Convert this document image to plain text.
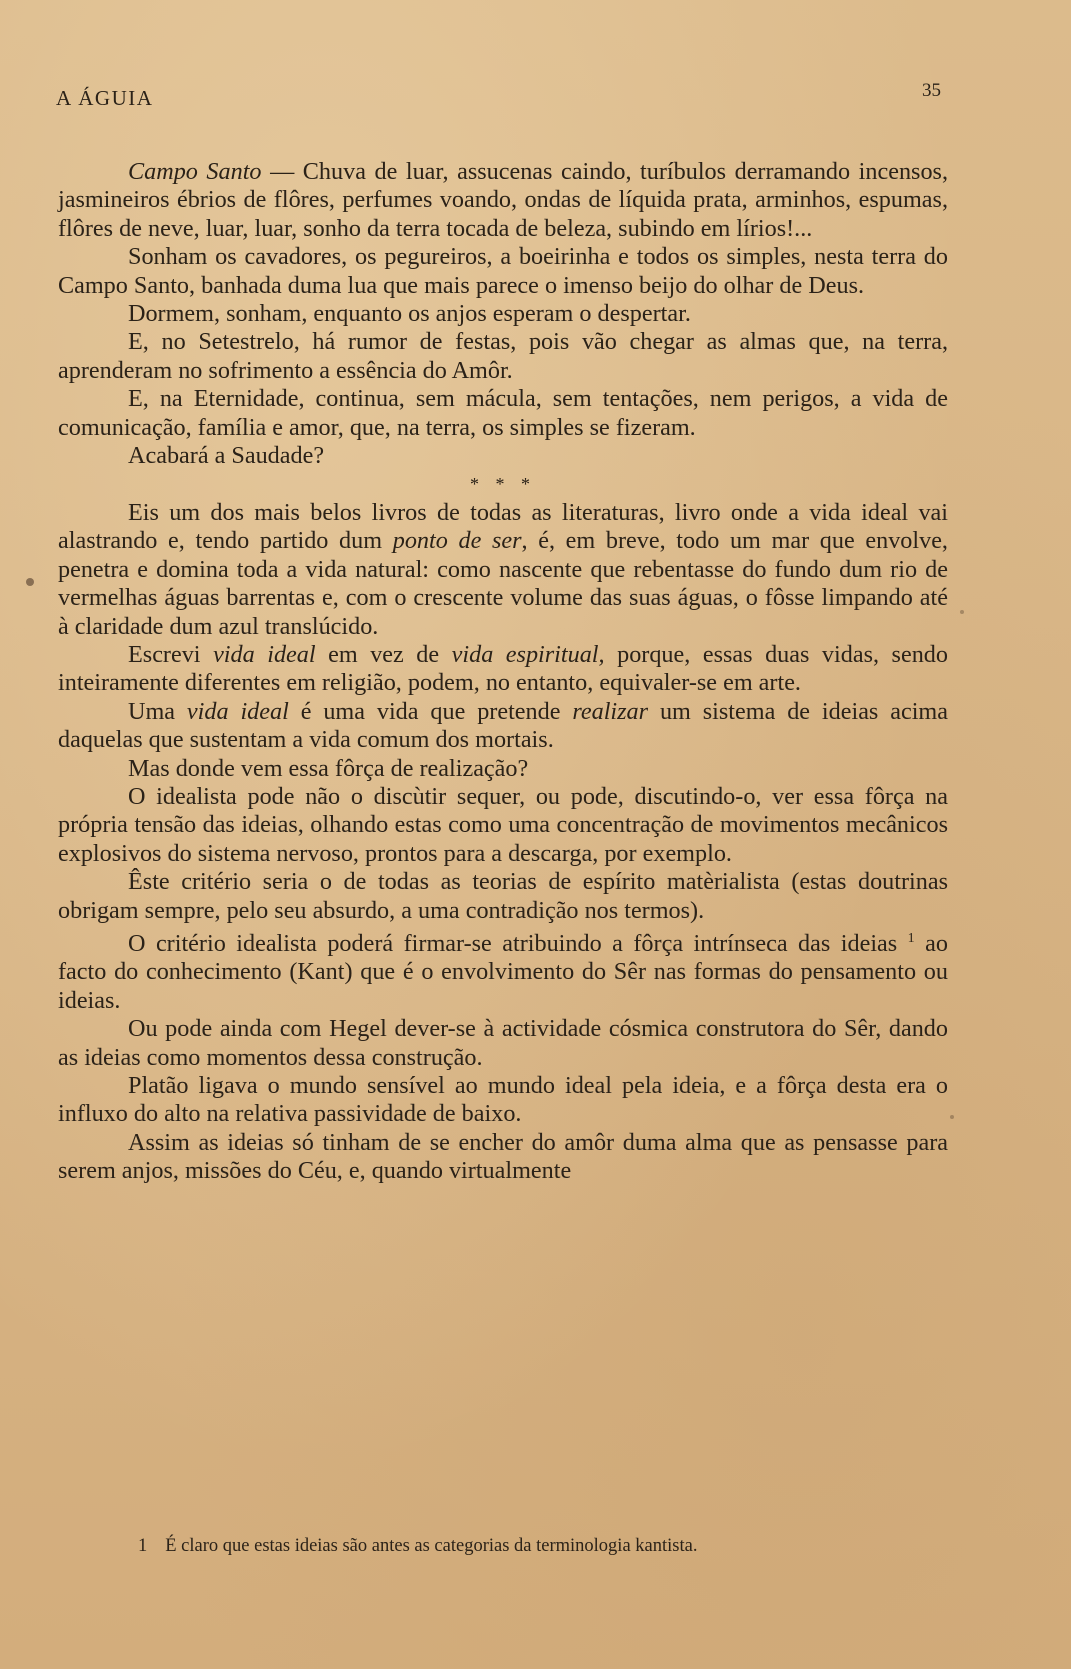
A ÁGUIA	35

Campo Santo — Chuva de luar, assucenas caindo, turíbulos derramando incensos, jasmineiros ébrios de flôres, perfumes voando, ondas de líquida prata, arminhos, espumas, flôres de neve, luar, luar, sonho da terra tocada de beleza, subindo em lírios!...

Sonham os cavadores, os pegureiros, a boeirinha e todos os simples, nesta terra do Campo Santo, banhada duma lua que mais parece o imenso beijo do olhar de Deus.

Dormem, sonham, enquanto os anjos esperam o despertar.

E, no Setestrelo, há rumor de festas, pois vão chegar as almas que, na terra, aprenderam no sofrimento a essência do Amôr.

E, na Eternidade, continua, sem mácula, sem tentações, nem perigos, a vida de comunicação, família e amor, que, na terra, os simples se fizeram.

Acabará a Saudade?

* * *

Eis um dos mais belos livros de todas as literaturas, livro onde a vida ideal vai alastrando e, tendo partido dum ponto de ser, é, em breve, todo um mar que envolve, penetra e domina toda a vida natural: como nascente que rebentasse do fundo dum rio de vermelhas águas barrentas e, com o crescente volume das suas águas, o fôsse limpando até à claridade dum azul translúcido.

Escrevi vida ideal em vez de vida espiritual, porque, essas duas vidas, sendo inteiramente diferentes em religião, podem, no entanto, equivaler-se em arte.

Uma vida ideal é uma vida que pretende realizar um sistema de ideias acima daquelas que sustentam a vida comum dos mortais.

Mas donde vem essa fôrça de realização?

O idealista pode não o discùtir sequer, ou pode, discutindo-o, ver essa fôrça na própria tensão das ideias, olhando estas como uma concentração de movimentos mecânicos explosivos do sistema nervoso, prontos para a descarga, por exemplo.

Êste critério seria o de todas as teorias de espírito matèrialista (estas doutrinas obrigam sempre, pelo seu absurdo, a uma contradição nos termos).

O critério idealista poderá firmar-se atribuindo a fôrça intrínseca das ideias $^1$ ao facto do conhecimento (Kant) que é o envolvimento do Sêr nas formas do pensamento ou ideias.

Ou pode ainda com Hegel dever-se à actividade cósmica construtora do Sêr, dando as ideias como momentos dessa construção.

Platão ligava o mundo sensível ao mundo ideal pela ideia, e a fôrça desta era o influxo do alto na relativa passividade de baixo.

Assim as ideias só tinham de se encher do amôr duma alma que as pensasse para serem anjos, missões do Céu, e, quando virtualmente

1 É claro que estas ideias são antes as categorias da terminologia kantista.
